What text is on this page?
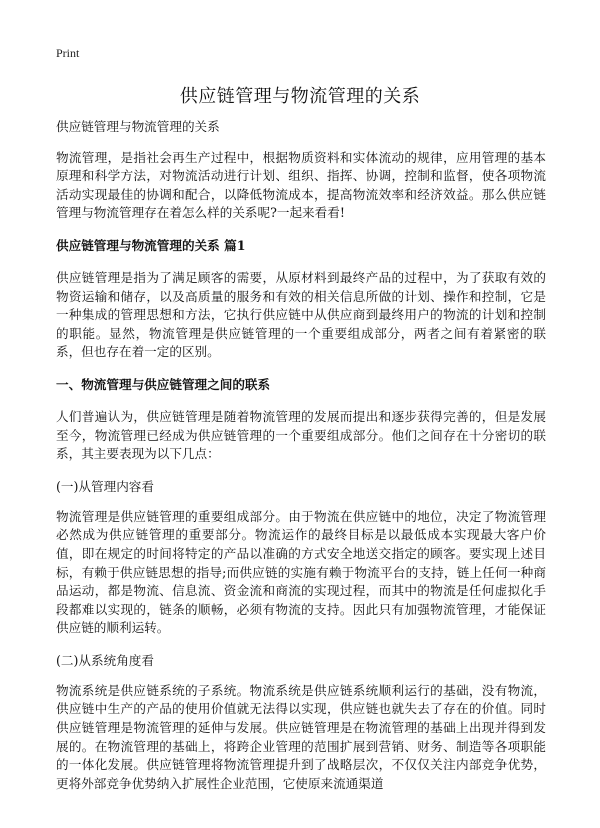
Print
供应链管理与物流管理的关系

供应链管理与物流管理的关系

物流管理，是指社会再生产过程中，根据物质资料和实体流动的规律，应用管理的基本原理和科学方法，对物流活动进行计划、组织、指挥、协调，控制和监督，使各项物流活动实现最佳的协调和配合，以降低物流成本，提高物流效率和经济效益。那么供应链管理与物流管理存在着怎么样的关系呢?一起来看看!

供应链管理与物流管理的关系 篇1

供应链管理是指为了满足顾客的需要，从原材料到最终产品的过程中，为了获取有效的物资运输和储存，以及高质量的服务和有效的相关信息所做的计划、操作和控制，它是一种集成的管理思想和方法，它执行供应链中从供应商到最终用户的物流的计划和控制的职能。显然，物流管理是供应链管理的一个重要组成部分，两者之间有着紧密的联系，但也存在着一定的区别。

一、物流管理与供应链管理之间的联系

人们普遍认为，供应链管理是随着物流管理的发展而提出和逐步获得完善的，但是发展至今，物流管理已经成为供应链管理的一个重要组成部分。他们之间存在十分密切的联系，其主要表现为以下几点：

(一)从管理内容看

物流管理是供应链管理的重要组成部分。由于物流在供应链中的地位，决定了物流管理必然成为供应链管理的重要部分。物流运作的最终目标是以最低成本实现最大客户价值，即在规定的时间将特定的产品以准确的方式安全地送交指定的顾客。要实现上述目标，有赖于供应链思想的指导;而供应链的实施有赖于物流平台的支持，链上任何一种商品运动，都是物流、信息流、资金流和商流的实现过程，而其中的物流是任何虚拟化手段都难以实现的，链条的顺畅，必须有物流的支持。因此只有加强物流管理，才能保证供应链的顺利运转。

(二)从系统角度看

物流系统是供应链系统的子系统。物流系统是供应链系统顺利运行的基础，没有物流，供应链中生产的产品的使用价值就无法得以实现，供应链也就失去了存在的价值。同时供应链管理是物流管理的延伸与发展。供应链管理是在物流管理的基础上出现并得到发展的。在物流管理的基础上，将跨企业管理的范围扩展到营销、财务、制造等各项职能的一体化发展。供应链管理将物流管理提升到了战略层次，不仅仅关注内部竞争优势，更将外部竞争优势纳入扩展性企业范围，它使原来流通渠道
